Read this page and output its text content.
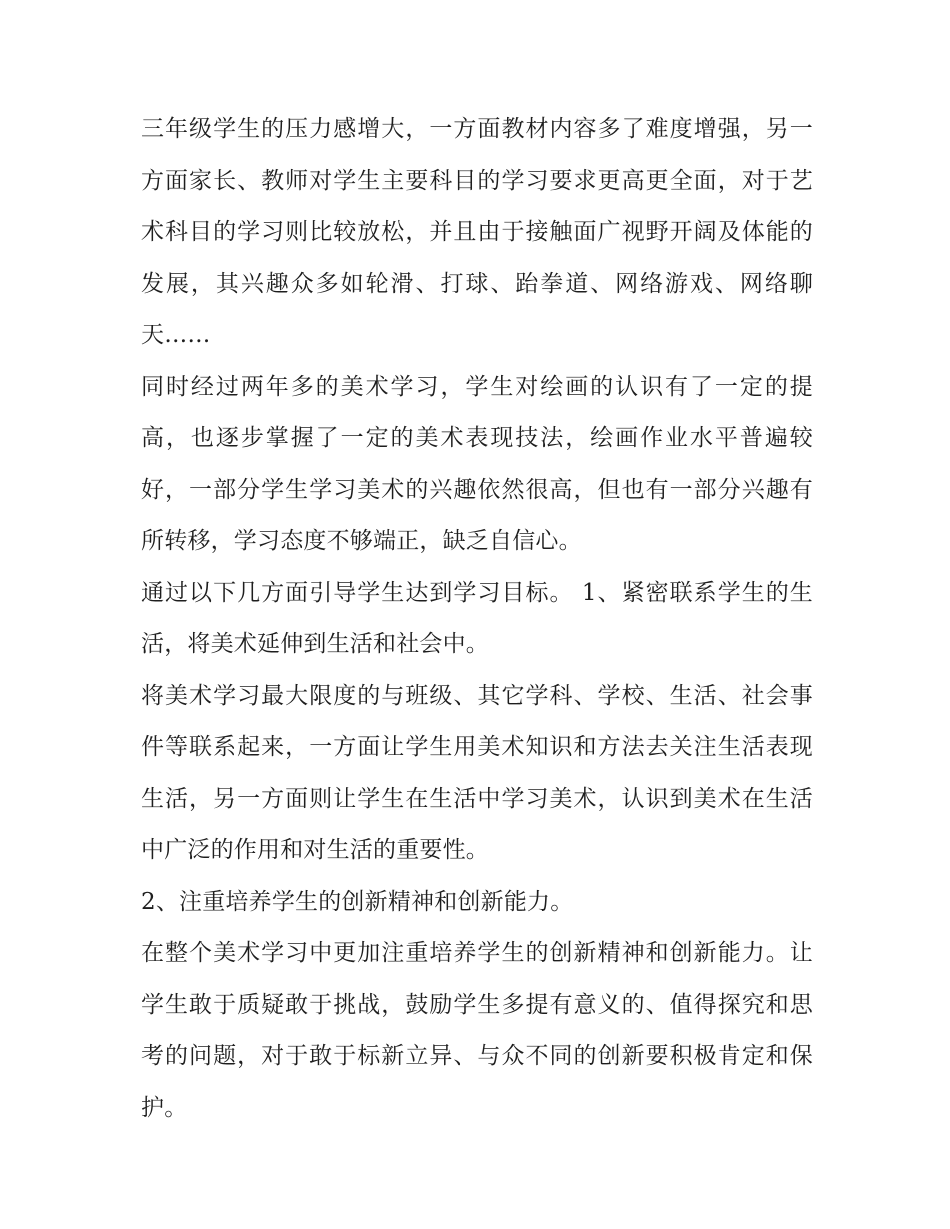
三年级学生的压力感增大，一方面教材内容多了难度增强，另一方面家长、教师对学生主要科目的学习要求更高更全面，对于艺术科目的学习则比较放松，并且由于接触面广视野开阔及体能的发展，其兴趣众多如轮滑、打球、跆拳道、网络游戏、网络聊天……

同时经过两年多的美术学习，学生对绘画的认识有了一定的提高，也逐步掌握了一定的美术表现技法，绘画作业水平普遍较好，一部分学生学习美术的兴趣依然很高，但也有一部分兴趣有所转移，学习态度不够端正，缺乏自信心。

通过以下几方面引导学生达到学习目标。 1、紧密联系学生的生活，将美术延伸到生活和社会中。

将美术学习最大限度的与班级、其它学科、学校、生活、社会事件等联系起来，一方面让学生用美术知识和方法去关注生活表现生活，另一方面则让学生在生活中学习美术，认识到美术在生活中广泛的作用和对生活的重要性。

2、注重培养学生的创新精神和创新能力。

在整个美术学习中更加注重培养学生的创新精神和创新能力。让学生敢于质疑敢于挑战，鼓励学生多提有意义的、值得探究和思考的问题，对于敢于标新立异、与众不同的创新要积极肯定和保护。
